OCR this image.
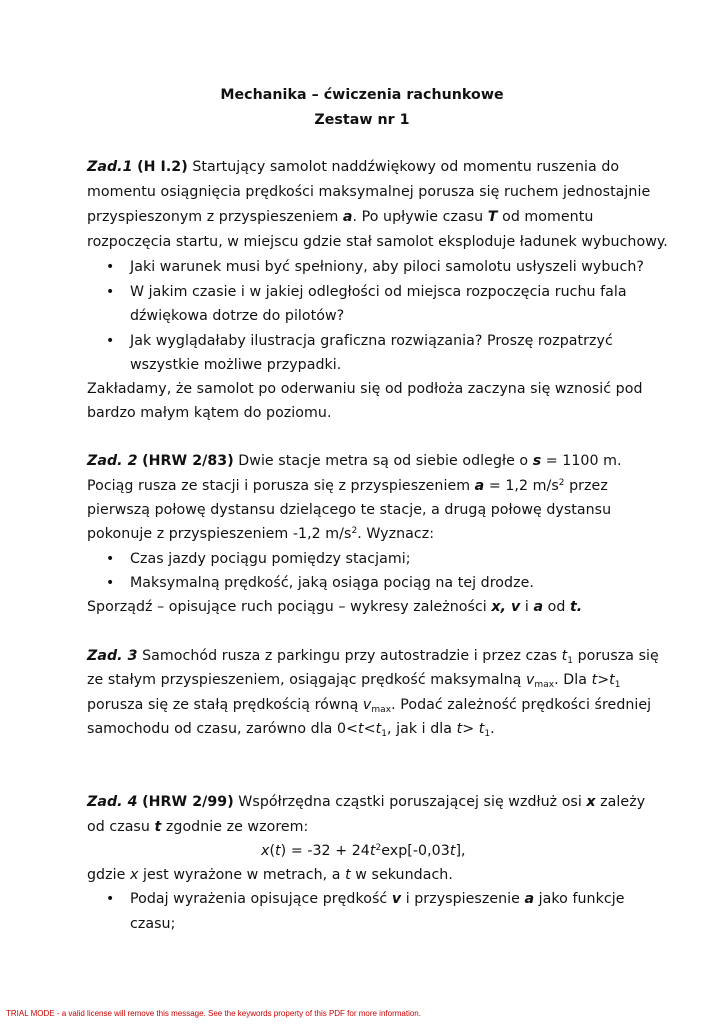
Mechanika – ćwiczenia rachunkowe
Zestaw nr 1
Zad.1 (H I.2) Startujący samolot naddźwiękowy od momentu ruszenia do
momentu osiągnięcia prędkości maksymalnej porusza się ruchem jednostajnie
przyspieszonym z przyspieszeniem a. Po upływie czasu T od momentu
rozpoczęcia startu, w miejscu gdzie stał samolot eksploduje ładunek wybuchowy.
• Jaki warunek musi być spełniony, aby piloci samolotu usłyszeli wybuch?
• W jakim czasie i w jakiej odległości od miejsca rozpoczęcia ruchu fala
dźwiękowa dotrze do pilotów?
• Jak wyglądałaby ilustracja graficzna rozwiązania? Proszę rozpatrzyć
wszystkie możliwe przypadki.
Zakładamy, że samolot po oderwaniu się od podłoża zaczyna się wznosić pod
bardzo małym kątem do poziomu.
Zad. 2 (HRW 2/83) Dwie stacje metra są od siebie odległe o s = 1100 m.
Pociąg rusza ze stacji i porusza się z przyspieszeniem a = 1,2 $m/s^2$ przez
pierwszą połowę dystansu dzielącego te stacje, a drugą połowę dystansu
pokonuje z przyspieszeniem -1,2 $m/s^2$. Wyznacz:
• Czas jazdy pociągu pomiędzy stacjami;
• Maksymalną prędkość, jaką osiąga pociąg na tej drodze.
Sporządź – opisujące ruch pociągu – wykresy zależności x, v i a od t.
Zad. 3 Samochód rusza z parkingu przy autostradzie i przez czas $t_1$ porusza się
ze stałym przyspieszeniem, osiągając prędkość maksymalną $v_{max}$. Dla $t>t_1$
porusza się ze stałą prędkością równą $v_{max}$. Podać zależność prędkości średniej
samochodu od czasu, zarówno dla $0<t<t_1$, jak i dla $t> t_1$.
Zad. 4 (HRW 2/99) Współrzędna cząstki poruszającej się wzdłuż osi x zależy
od czasu t zgodnie ze wzorem:
$x(t) = -32 + 24t^2\exp[-0,03t]$,
gdzie x jest wyrażone w metrach, a t w sekundach.
• Podaj wyrażenia opisujące prędkość v i przyspieszenie a jako funkcje
czasu;
TRIAL MODE - a valid license will remove this message. See the keywords property of this PDF for more information.
